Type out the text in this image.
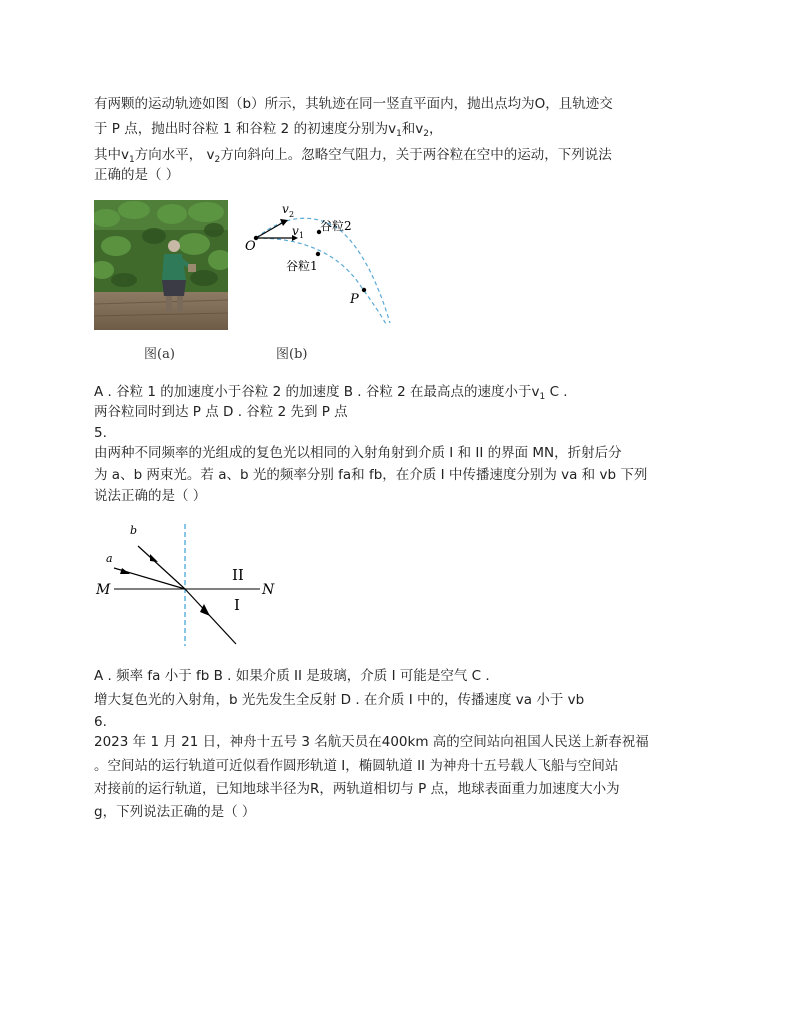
有两颗的运动轨迹如图（b）所示，其轨迹在同一竖直平面内，抛出点均为O，且轨迹交
于 P 点，抛出时谷粒 1 和谷粒 2 的初速度分别为$v_1$和$v_2$，
其中$v_1$方向水平， $v_2$方向斜向上。忽略空气阻力，关于两谷粒在空中的运动，下列说法
正确的是（ ）
图(a)
O
v 1
v 2
谷粒2
谷粒1
P
图(b)
A . 谷粒 1 的加速度小于谷粒 2 的加速度 B . 谷粒 2 在最高点的速度小于$v_1$ C .
两谷粒同时到达 P 点 D . 谷粒 2 先到 P 点
5.
由两种不同频率的光组成的复色光以相同的入射角射到介质 I 和 II 的界面 MN，折射后分
为 a、b 两束光。若 a、b 光的频率分别 fa和 fb，在介质 I 中传播速度分别为 va 和 vb 下列
说法正确的是（ ）
b
a
M	N
II
I
A . 频率 fa 小于 fb B . 如果介质 II 是玻璃，介质 I 可能是空气 C .
增大复色光的入射角，b 光先发生全反射 D . 在介质 I 中的，传播速度 va 小于 vb
6.
2023 年 1 月 21 日，神舟十五号 3 名航天员在400km 高的空间站向祖国人民送上新春祝福
。空间站的运行轨道可近似看作圆形轨道 I，椭圆轨道 II 为神舟十五号载人飞船与空间站
对接前的运行轨道，已知地球半径为R，两轨道相切与 P 点，地球表面重力加速度大小为
g，下列说法正确的是（ ）
